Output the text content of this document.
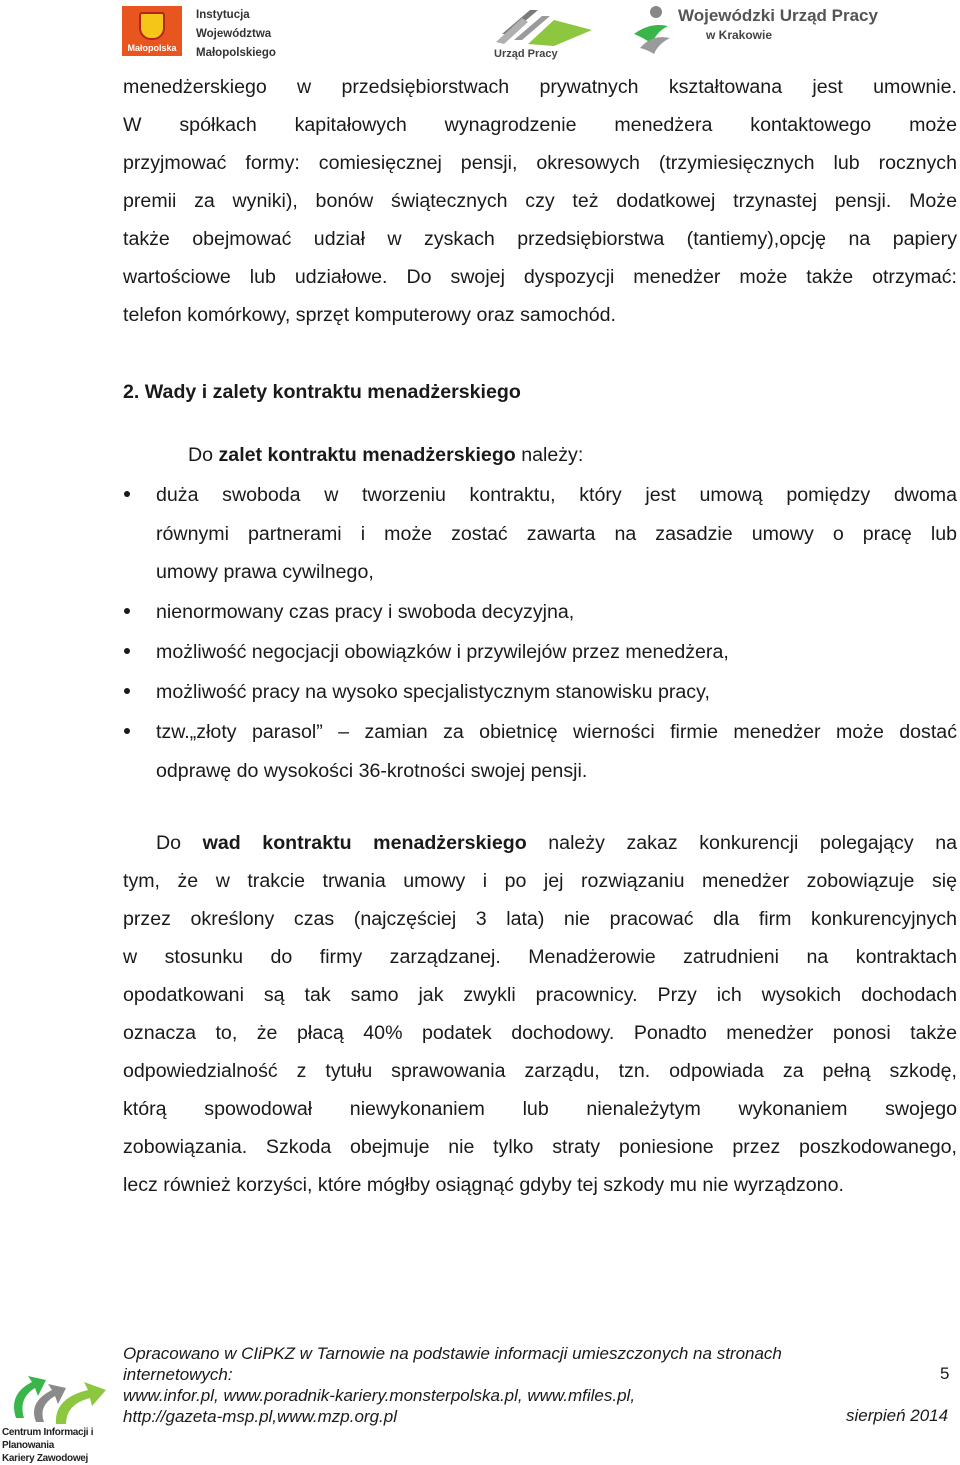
Małopolska
Instytucja
Województwa
Małopolskiego	Urząd Pracy
Wojewódzki Urząd Pracy
w Krakowie
menedżerskiego w przedsiębiorstwach prywatnych kształtowana jest umownie.
W spółkach kapitałowych wynagrodzenie menedżera kontaktowego może
przyjmować formy: comiesięcznej pensji, okresowych (trzymiesięcznych lub rocznych
premii za wyniki), bonów świątecznych czy też dodatkowej trzynastej pensji. Może
także obejmować udział w zyskach przedsiębiorstwa (tantiemy),opcję na papiery
wartościowe lub udziałowe. Do swojej dyspozycji menedżer może także otrzymać:
telefon komórkowy, sprzęt komputerowy oraz samochód.
2. Wady i zalety kontraktu menadżerskiego
Do zalet kontraktu menadżerskiego należy:
duża swoboda w tworzeniu kontraktu, który jest umową pomiędzy dwoma
równymi partnerami i może zostać zawarta na zasadzie umowy o pracę lub
umowy prawa cywilnego,
nienormowany czas pracy i swoboda decyzyjna,
możliwość negocjacji obowiązków i przywilejów przez menedżera,
możliwość pracy na wysoko specjalistycznym stanowisku pracy,
tzw.„złoty parasol” – zamian za obietnicę wierności firmie menedżer może dostać
odprawę do wysokości 36-krotności swojej pensji.
Do wad kontraktu menadżerskiego należy zakaz konkurencji polegający na
tym, że w trakcie trwania umowy i po jej rozwiązaniu menedżer zobowiązuje się
przez określony czas (najczęściej 3 lata) nie pracować dla firm konkurencyjnych
w stosunku do firmy zarządzanej. Menadżerowie zatrudnieni na kontraktach
opodatkowani są tak samo jak zwykli pracownicy. Przy ich wysokich dochodach
oznacza to, że płacą 40% podatek dochodowy. Ponadto menedżer ponosi także
odpowiedzialność z tytułu sprawowania zarządu, tzn. odpowiada za pełną szkodę,
którą spowodował niewykonaniem lub nienależytym wykonaniem swojego
zobowiązania. Szkoda obejmuje nie tylko straty poniesione przez poszkodowanego,
lecz również korzyści, które mógłby osiągnąć gdyby tej szkody mu nie wyrządzono.
Centrum Informacji i Planowania
Kariery Zawodowej
Opracowano w CIiPKZ w Tarnowie na podstawie informacji umieszczonych na stronach
internetowych:
www.infor.pl, www.poradnik-kariery.monsterpolska.pl, www.mfiles.pl,
http://gazeta-msp.pl,www.mzp.org.pl
5
sierpień 2014
